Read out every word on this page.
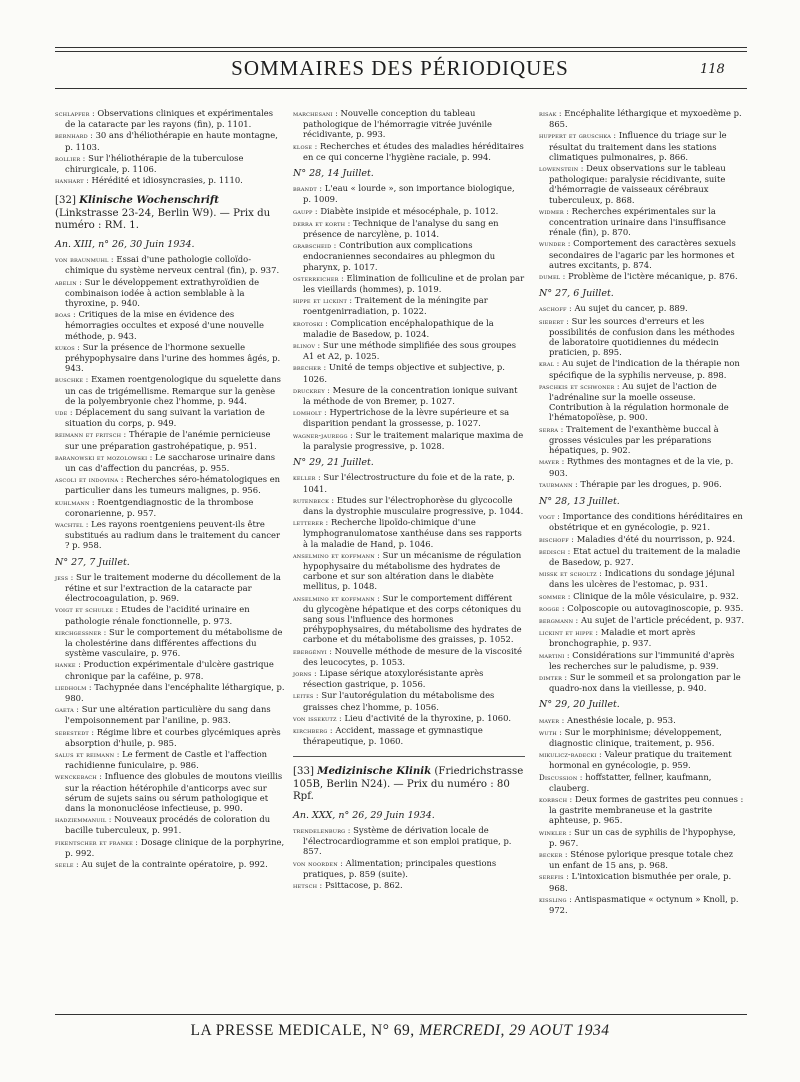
SOMMAIRES DES PÉRIODIQUES	118
schlapfer : Observations cliniques et expérimentales de la cataracte par les rayons (fin), p. 1101.
bernhard : 30 ans d'héliothérapie en haute montagne, p. 1103.
rollier : Sur l'héliothérapie de la tuberculose chirurgicale, p. 1106.
hanhart : Hérédité et idiosyncrasies, p. 1110.
[32] Klinische Wochenschrift (Linkstrasse 23-24, Berlin W9). — Prix du numéro : RM. 1.
An. XIII, n° 26, 30 Juin 1934.
von braunmuhl : Essai d'une pathologie colloïdo-chimique du système nerveux central (fin), p. 937.
abelin : Sur le développement extrathyroïdien de combinaison iodée à action semblable à la thyroxine, p. 940.
boas : Critiques de la mise en évidence des hémorragies occultes et exposé d'une nouvelle méthode, p. 943.
kukos : Sur la présence de l'hormone sexuelle préhypophysaire dans l'urine des hommes âgés, p. 943.
buschke : Examen roentgenologique du squelette dans un cas de trigémellisme. Remarque sur la genèse de la polyembryonie chez l'homme, p. 944.
ude : Déplacement du sang suivant la variation de situation du corps, p. 949.
reimann et fritsch : Thérapie de l'anémie pernicieuse sur une préparation gastrohépatique, p. 951.
baranowski et mozolowski : Le saccharose urinaire dans un cas d'affection du pancréas, p. 955.
ascoli et indovina : Recherches séro-hématologiques en particulier dans les tumeurs malignes, p. 956.
kuhlmann : Roentgendiagnostic de la thrombose coronarienne, p. 957.
wachtel : Les rayons roentgeniens peuvent-ils être substitués au radium dans le traitement du cancer ? p. 958.
N° 27, 7 Juillet.
jess : Sur le traitement moderne du décollement de la rétine et sur l'extraction de la cataracte par électrocoagulation, p. 969.
voigt et schulke : Etudes de l'acidité urinaire en pathologie rénale fonctionnelle, p. 973.
kirchgessner : Sur le comportement du métabolisme de la cholestérine dans différentes affections du système vasculaire, p. 976.
hanke : Production expérimentale d'ulcère gastrique chronique par la caféine, p. 978.
liedholm : Tachypnée dans l'encéphalite léthargique, p. 980.
gaeta : Sur une altération particulière du sang dans l'empoisonnement par l'aniline, p. 983.
sebestedt : Régime libre et courbes glycémiques après absorption d'huile, p. 985.
salus et reimann : Le ferment de Castle et l'affection rachidienne funiculaire, p. 986.
wenckebach : Influence des globules de moutons vieillis sur la réaction hétérophile d'anticorps avec sur sérum de sujets sains ou sérum pathologique et dans la mononucléose infectieuse, p. 990.
hadziemmanuil : Nouveaux procédés de coloration du bacille tuberculeux, p. 991.
fikentscher et franke : Dosage clinique de la porphyrine, p. 992.
seele : Au sujet de la contrainte opératoire, p. 992.
marchesani : Nouvelle conception du tableau pathologique de l'hémorragie vitrée juvénile récidivante, p. 993.
klose : Recherches et études des maladies héréditaires en ce qui concerne l'hygiène raciale, p. 994.
N° 28, 14 Juillet.
brandt : L'eau « lourde », son importance biologique, p. 1009.
gaupp : Diabète insipide et mésocéphale, p. 1012.
derra et korth : Technique de l'analyse du sang en présence de narcylène, p. 1014.
grabscheid : Contribution aux complications endocraniennes secondaires au phlegmon du pharynx, p. 1017.
osterreicher : Elimination de folliculine et de prolan par les vieillards (hommes), p. 1019.
hippe et lickint : Traitement de la méningite par roentgenirradiation, p. 1022.
krotoski : Complication encéphalopathique de la maladie de Basedow, p. 1024.
blinov : Sur une méthode simplifiée des sous groupes A1 et A2, p. 1025.
brecher : Unité de temps objective et subjective, p. 1026.
druckrey : Mesure de la concentration ionique suivant la méthode de von Bremer, p. 1027.
lomholt : Hypertrichose de la lèvre supérieure et sa disparition pendant la grossesse, p. 1027.
wagner-jauregg : Sur le traitement malarique maxima de la paralysie progressive, p. 1028.
N° 29, 21 Juillet.
keller : Sur l'électrostructure du foie et de la rate, p. 1041.
rutenbeck : Etudes sur l'électrophorèse du glycocolle dans la dystrophie musculaire progressive, p. 1044.
letterer : Recherche lipoïdo-chimique d'une lymphogranulomatose xanthéuse dans ses rapports à la maladie de Hand, p. 1046.
anselmino et koffmann : Sur un mécanisme de régulation hypophysaire du métabolisme des hydrates de carbone et sur son altération dans le diabète mellitus, p. 1048.
anselmino et koffmann : Sur le comportement différent du glycogène hépatique et des corps cétoniques du sang sous l'influence des hormones préhypophysaires, du métabolisme des hydrates de carbone et du métabolisme des graisses, p. 1052.
ebergényi : Nouvelle méthode de mesure de la viscosité des leucocytes, p. 1053.
jorns : Lipase sérique atoxylorésistante après résection gastrique, p. 1056.
leites : Sur l'autorégulation du métabolisme des graisses chez l'homme, p. 1056.
von issekutz : Lieu d'activité de la thyroxine, p. 1060.
kirchberg : Accident, massage et gymnastique thérapeutique, p. 1060.
[33] Medizinische Klinik (Friedrichstrasse 105B, Berlin N24). — Prix du numéro : 80 Rpf.
An. XXX, n° 26, 29 Juin 1934.
trendelenburg : Système de dérivation locale de l'électrocardiogramme et son emploi pratique, p. 857.
von noorden : Alimentation; principales questions pratiques, p. 859 (suite).
hetsch : Psittacose, p. 862.
risak : Encéphalite léthargique et myxoedème p. 865.
huppert et gruschka : Influence du triage sur le résultat du traitement dans les stations climatiques pulmonaires, p. 866.
lowenstein : Deux observations sur le tableau pathologique: paralysie récidivante, suite d'hémorragie de vaisseaux cérébraux tuberculeux, p. 868.
widmer : Recherches expérimentales sur la concentration urinaire dans l'insuffisance rénale (fin), p. 870.
wunder : Comportement des caractères sexuels secondaires de l'agaric par les hormones et autres excitants, p. 874.
dumel : Problème de l'ictère mécanique, p. 876.
N° 27, 6 Juillet.
aschoff : Au sujet du cancer, p. 889.
siebert : Sur les sources d'erreurs et les possibilités de confusion dans les méthodes de laboratoire quotidiennes du médecin praticien, p. 895.
kral : Au sujet de l'indication de la thérapie non spécifique de la syphilis nerveuse, p. 898.
paschkis et schwoner : Au sujet de l'action de l'adrénaline sur la moelle osseuse. Contribution à la régulation hormonale de l'hématopoïèse, p. 900.
serra : Traitement de l'exanthème buccal à grosses vésicules par les préparations hépatiques, p. 902.
mayer : Rythmes des montagnes et de la vie, p. 903.
taubmann : Thérapie par les drogues, p. 906.
N° 28, 13 Juillet.
vogt : Importance des conditions héréditaires en obstétrique et en gynécologie, p. 921.
bischoff : Maladies d'été du nourrisson, p. 924.
bedisch : Etat actuel du traitement de la maladie de Basedow, p. 927.
missk et scholtz : Indications du sondage jéjunal dans les ulcères de l'estomac, p. 931.
sommer : Clinique de la môle vésiculaire, p. 932.
rogge : Colposcopie ou autovaginoscopie, p. 935.
bergmann : Au sujet de l'article précédent, p. 937.
lickint et hippe : Maladie et mort après bronchographie, p. 937.
martini : Considérations sur l'immunité d'après les recherches sur le paludisme, p. 939.
dimter : Sur le sommeil et sa prolongation par le quadro-nox dans la vieillesse, p. 940.
N° 29, 20 Juillet.
mayer : Anesthésie locale, p. 953.
wuth : Sur le morphinisme; développement, diagnostic clinique, traitement, p. 956.
mikulicz-radecki : Valeur pratique du traitement hormonal en gynécologie, p. 959.
Discussion : hoffstatter, fellner, kaufmann, clauberg.
korbsch : Deux formes de gastrites peu connues : la gastrite membraneuse et la gastrite aphteuse, p. 965.
winkler : Sur un cas de syphilis de l'hypophyse, p. 967.
becker : Sténose pylorique presque totale chez un enfant de 15 ans, p. 968.
serefis : L'intoxication bismuthée per orale, p. 968.
kissling : Antispasmatique « octynum » Knoll, p. 972.
LA PRESSE MEDICALE, N° 69, MERCREDI, 29 AOUT 1934
